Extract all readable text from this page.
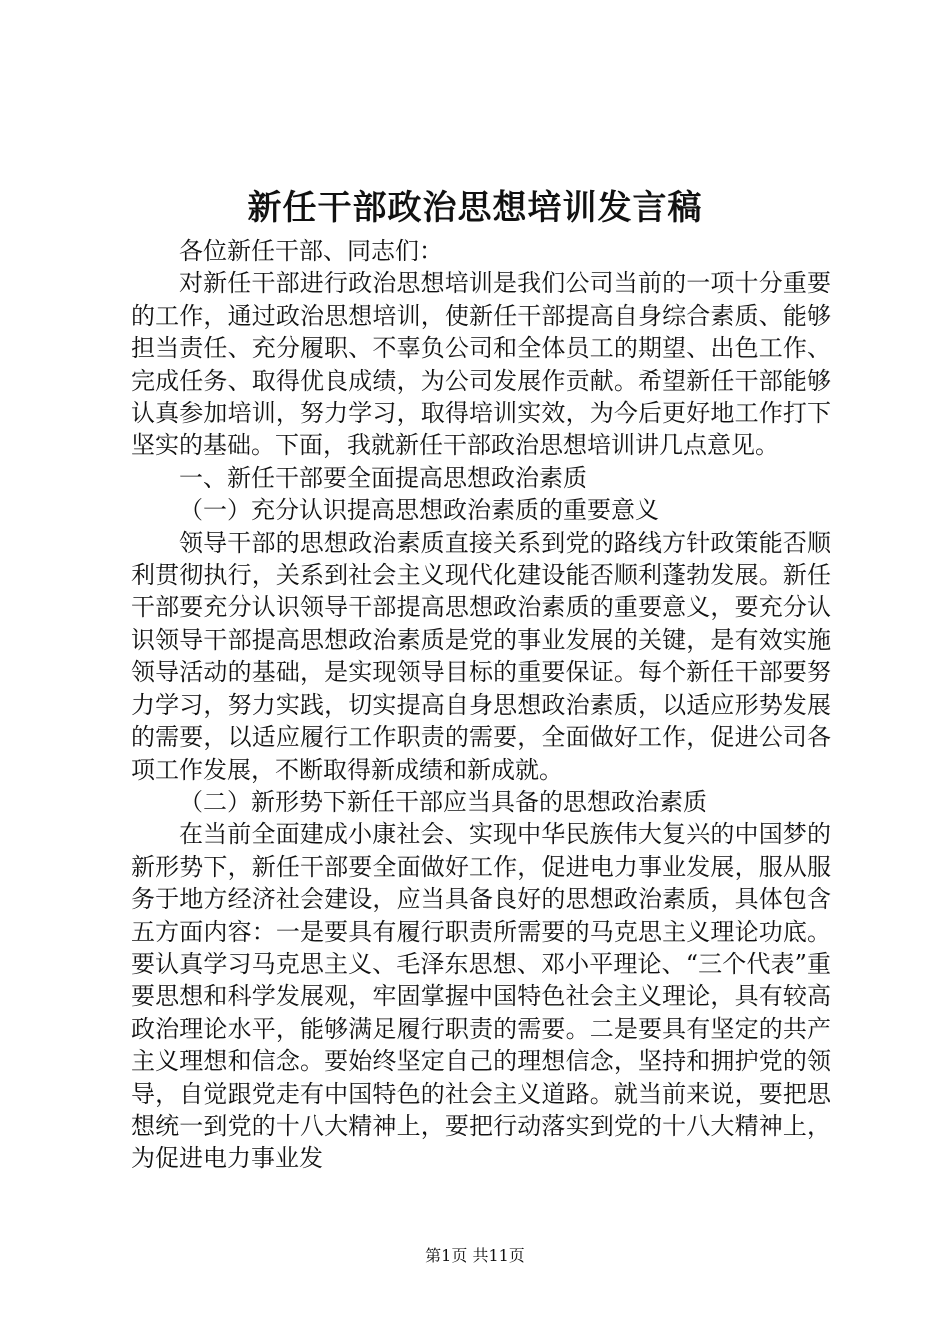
新任干部政治思想培训发言稿

各位新任干部、同志们：

对新任干部进行政治思想培训是我们公司当前的一项十分重要的工作，通过政治思想培训，使新任干部提高自身综合素质、能够担当责任、充分履职、不辜负公司和全体员工的期望、出色工作、完成任务、取得优良成绩，为公司发展作贡献。希望新任干部能够认真参加培训，努力学习，取得培训实效，为今后更好地工作打下坚实的基础。下面，我就新任干部政治思想培训讲几点意见。

一、新任干部要全面提高思想政治素质

（一）充分认识提高思想政治素质的重要意义

领导干部的思想政治素质直接关系到党的路线方针政策能否顺利贯彻执行，关系到社会主义现代化建设能否顺利蓬勃发展。新任干部要充分认识领导干部提高思想政治素质的重要意义，要充分认识领导干部提高思想政治素质是党的事业发展的关键，是有效实施领导活动的基础，是实现领导目标的重要保证。每个新任干部要努力学习，努力实践，切实提高自身思想政治素质，以适应形势发展的需要，以适应履行工作职责的需要，全面做好工作，促进公司各项工作发展，不断取得新成绩和新成就。

（二）新形势下新任干部应当具备的思想政治素质

在当前全面建成小康社会、实现中华民族伟大复兴的中国梦的新形势下，新任干部要全面做好工作，促进电力事业发展，服从服务于地方经济社会建设，应当具备良好的思想政治素质，具体包含五方面内容：一是要具有履行职责所需要的马克思主义理论功底。要认真学习马克思主义、毛泽东思想、邓小平理论、“三个代表”重要思想和科学发展观，牢固掌握中国特色社会主义理论，具有较高政治理论水平，能够满足履行职责的需要。二是要具有坚定的共产主义理想和信念。要始终坚定自己的理想信念，坚持和拥护党的领导，自觉跟党走有中国特色的社会主义道路。就当前来说，要把思想统一到党的十八大精神上，要把行动落实到党的十八大精神上，为促进电力事业发

第1页 共11页
